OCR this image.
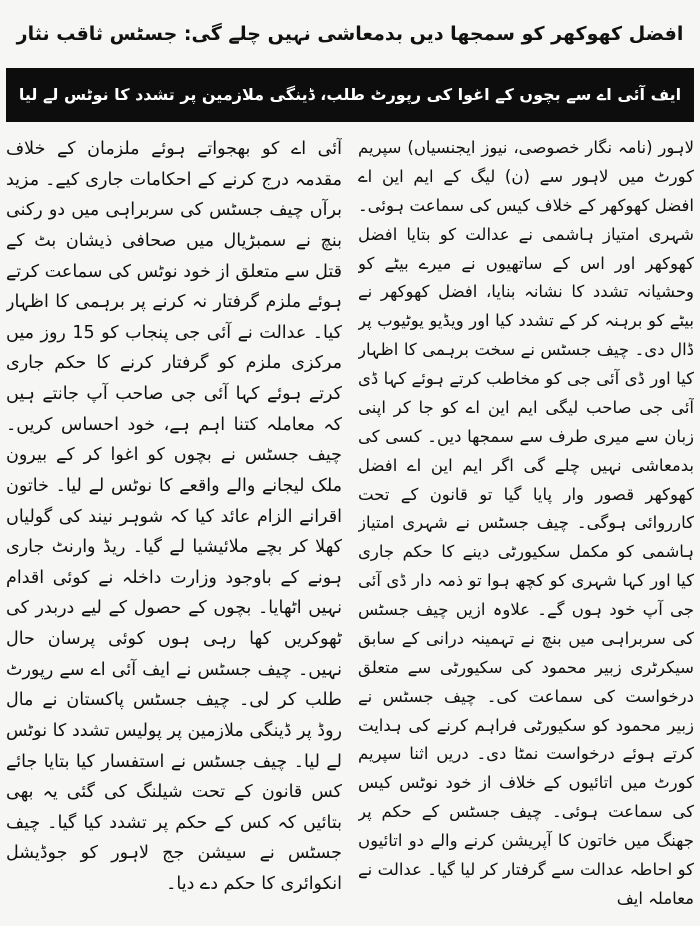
افضل کھوکھر کو سمجھا دیں بدمعاشی نہیں چلے گی: جسٹس ثاقب نثار
ایف آئی اے سے بچوں کے اغوا کی رپورٹ طلب، ڈینگی ملازمین پر تشدد کا نوٹس لے لیا
لاہور (نامہ نگار خصوصی، نیوز ایجنسیاں) سپریم کورٹ میں لاہور سے (ن) لیگ کے ایم این اے افضل کھوکھر کے خلاف کیس کی سماعت ہوئی۔ شہری امتیاز ہاشمی نے عدالت کو بتایا افضل کھوکھر اور اس کے ساتھیوں نے میرے بیٹے کو وحشیانہ تشدد کا نشانہ بنایا، افضل کھوکھر نے بیٹے کو برہنہ کر کے تشدد کیا اور ویڈیو یوٹیوب پر ڈال دی۔ چیف جسٹس نے سخت برہمی کا اظہار کیا اور ڈی آئی جی کو مخاطب کرتے ہوئے کہا ڈی آئی جی صاحب لیگی ایم این اے کو جا کر اپنی زبان سے میری طرف سے سمجھا دیں۔ کسی کی بدمعاشی نہیں چلے گی اگر ایم این اے افضل کھوکھر قصور وار پایا گیا تو قانون کے تحت کارروائی ہوگی۔ چیف جسٹس نے شہری امتیاز ہاشمی کو مکمل سکیورٹی دینے کا حکم جاری کیا اور کہا شہری کو کچھ ہوا تو ذمہ دار ڈی آئی جی آپ خود ہوں گے۔ علاوہ ازیں چیف جسٹس کی سربراہی میں بنچ نے تہمینہ درانی کے سابق سیکرٹری زبیر محمود کی سکیورٹی سے متعلق درخواست کی سماعت کی۔ چیف جسٹس نے زبیر محمود کو سکیورٹی فراہم کرنے کی ہدایت کرتے ہوئے درخواست نمٹا دی۔ دریں اثنا سپریم کورٹ میں اتائیوں کے خلاف از خود نوٹس کیس کی سماعت ہوئی۔ چیف جسٹس کے حکم پر جھنگ میں خاتون کا آپریشن کرنے والے دو اتائیوں کو احاطہ عدالت سے گرفتار کر لیا گیا۔ عدالت نے معاملہ ایف
آئی اے کو بھجواتے ہوئے ملزمان کے خلاف مقدمہ درج کرنے کے احکامات جاری کیے۔ مزید برآں چیف جسٹس کی سربراہی میں دو رکنی بنچ نے سمبڑیال میں صحافی ذیشان بٹ کے قتل سے متعلق از خود نوٹس کی سماعت کرتے ہوئے ملزم گرفتار نہ کرنے پر برہمی کا اظہار کیا۔ عدالت نے آئی جی پنجاب کو 15 روز میں مرکزی ملزم کو گرفتار کرنے کا حکم جاری کرتے ہوئے کہا آئی جی صاحب آپ جانتے ہیں کہ معاملہ کتنا اہم ہے، خود احساس کریں۔ چیف جسٹس نے بچوں کو اغوا کر کے بیرون ملک لیجانے والے واقعے کا نوٹس لے لیا۔ خاتون اقرانے الزام عائد کیا کہ شوہر نیند کی گولیاں کھلا کر بچے ملائیشیا لے گیا۔ ریڈ وارنٹ جاری ہونے کے باوجود وزارت داخلہ نے کوئی اقدام نہیں اٹھایا۔ بچوں کے حصول کے لیے دربدر کی ٹھوکریں کھا رہی ہوں کوئی پرسان حال نہیں۔ چیف جسٹس نے ایف آئی اے سے رپورٹ طلب کر لی۔ چیف جسٹس پاکستان نے مال روڈ پر ڈینگی ملازمین پر پولیس تشدد کا نوٹس لے لیا۔ چیف جسٹس نے استفسار کیا بتایا جائے کس قانون کے تحت شیلنگ کی گئی یہ بھی بتائیں کہ کس کے حکم پر تشدد کیا گیا۔ چیف جسٹس نے سیشن جج لاہور کو جوڈیشل انکوائری کا حکم دے دیا۔
